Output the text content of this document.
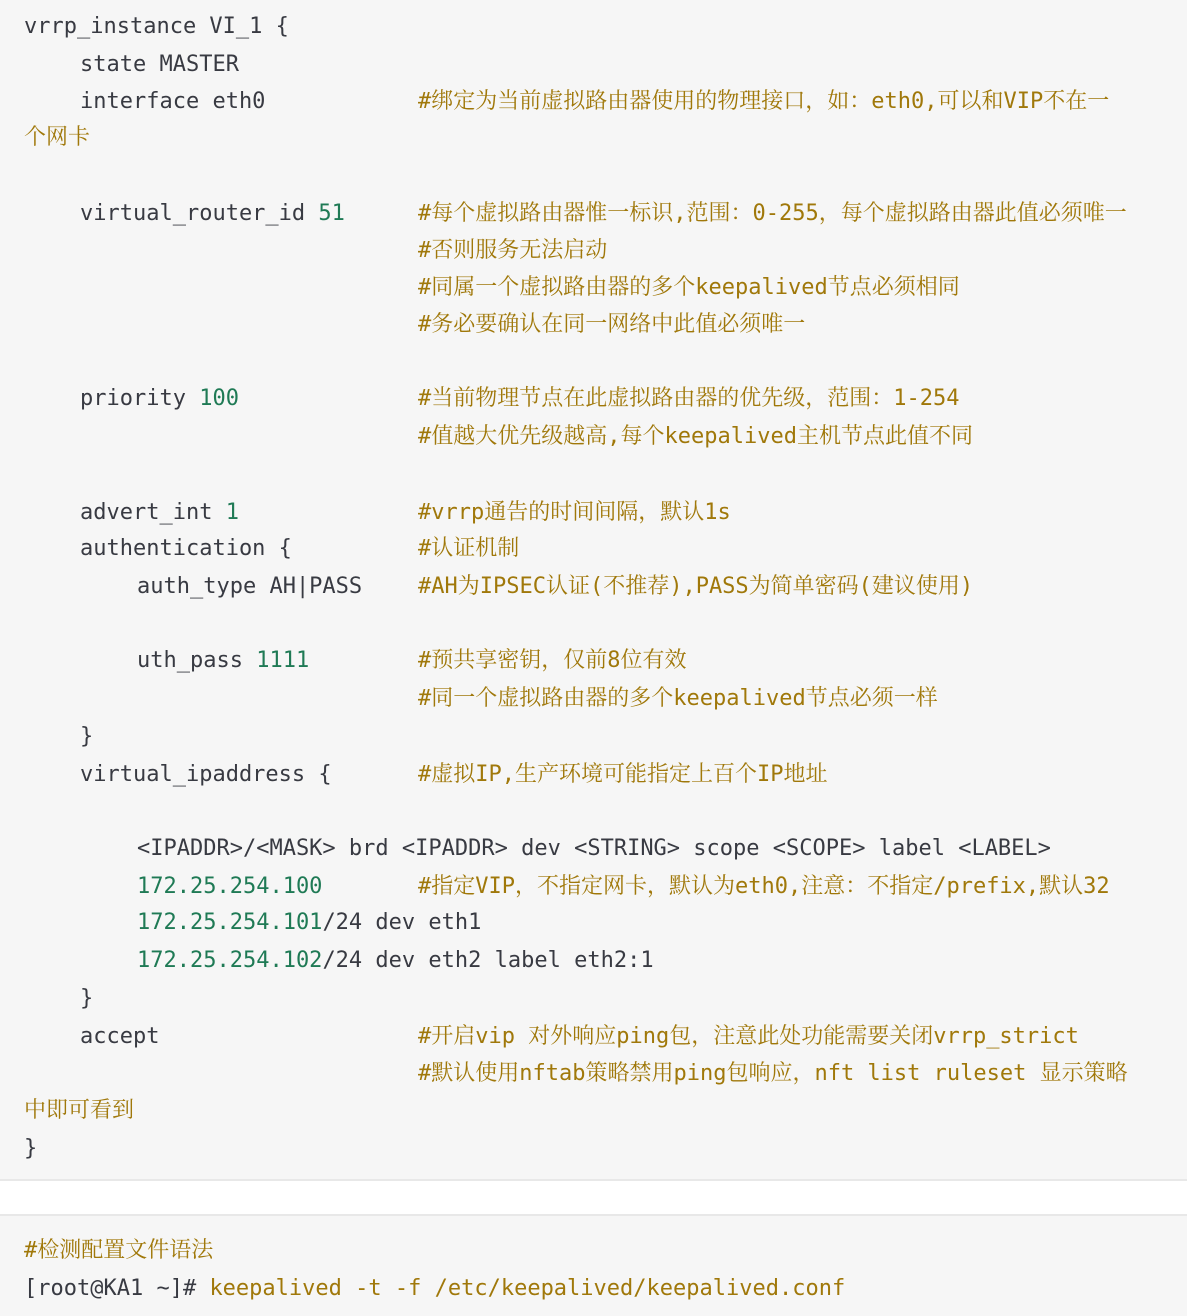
vrrp_instance VI_1 {
state MASTER
interface eth0	#绑定为当前虚拟路由器使用的物理接口，如：eth0,可以和VIP不在一
个网卡
virtual_router_id 51	#每个虚拟路由器惟一标识,范围：0-255，每个虚拟路由器此值必须唯一
#否则服务无法启动
#同属一个虚拟路由器的多个keepalived节点必须相同
#务必要确认在同一网络中此值必须唯一
priority 100	#当前物理节点在此虚拟路由器的优先级，范围：1-254
#值越大优先级越高,每个keepalived主机节点此值不同
advert_int 1	#vrrp通告的时间间隔，默认1s
authentication {	#认证机制
auth_type AH|PASS	#AH为IPSEC认证(不推荐),PASS为简单密码(建议使用)
uth_pass 1111	#预共享密钥，仅前8位有效
#同一个虚拟路由器的多个keepalived节点必须一样
}
virtual_ipaddress {	#虚拟IP,生产环境可能指定上百个IP地址
<IPADDR>/<MASK> brd <IPADDR> dev <STRING> scope <SCOPE> label <LABEL>
172.25.254.100	#指定VIP，不指定网卡，默认为eth0,注意：不指定/prefix,默认32
172.25.254.101/24 dev eth1
172.25.254.102/24 dev eth2 label eth2:1
}
accept	#开启vip 对外响应ping包，注意此处功能需要关闭vrrp_strict
#默认使用nftab策略禁用ping包响应，nft list ruleset 显示策略
中即可看到
}
#检测配置文件语法
[root@KA1 ~]# keepalived -t -f /etc/keepalived/keepalived.conf
